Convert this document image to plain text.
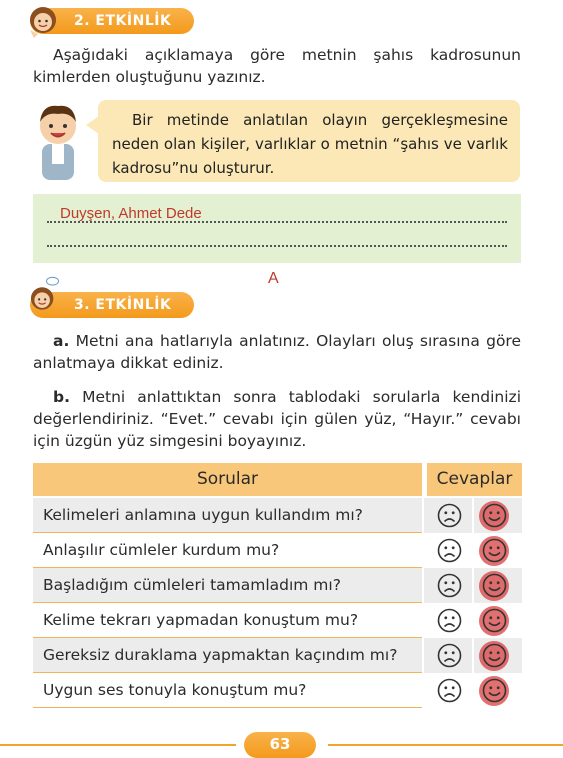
2. ETKİNLİK
Aşağıdaki açıklamaya göre metnin şahıs kadrosunun kimlerden oluştuğunu yazınız.
Bir metinde anlatılan olayın gerçekleşmesine neden olan kişiler, varlıklar o metnin “şahıs ve varlık kadrosu”nu oluşturur.
Duyşen, Ahmet Dede
A
3. ETKİNLİK
a. Metni ana hatlarıyla anlatınız. Olayları oluş sırasına göre anlatmaya dikkat ediniz.
b. Metni anlattıktan sonra tablodaki sorularla kendinizi değerlendiriniz. “Evet.” cevabı için gülen yüz, “Hayır.” cevabı için üzgün yüz simgesini boyayınız.
Sorular	Cevaplar
Kelimeleri anlamına uygun kullandım mı?
Anlaşılır cümleler kurdum mu?
Başladığım cümleleri tamamladım mı?
Kelime tekrarı yapmadan konuştum mu?
Gereksiz duraklama yapmaktan kaçındım mı?
Uygun ses tonuyla konuştum mu?
63
